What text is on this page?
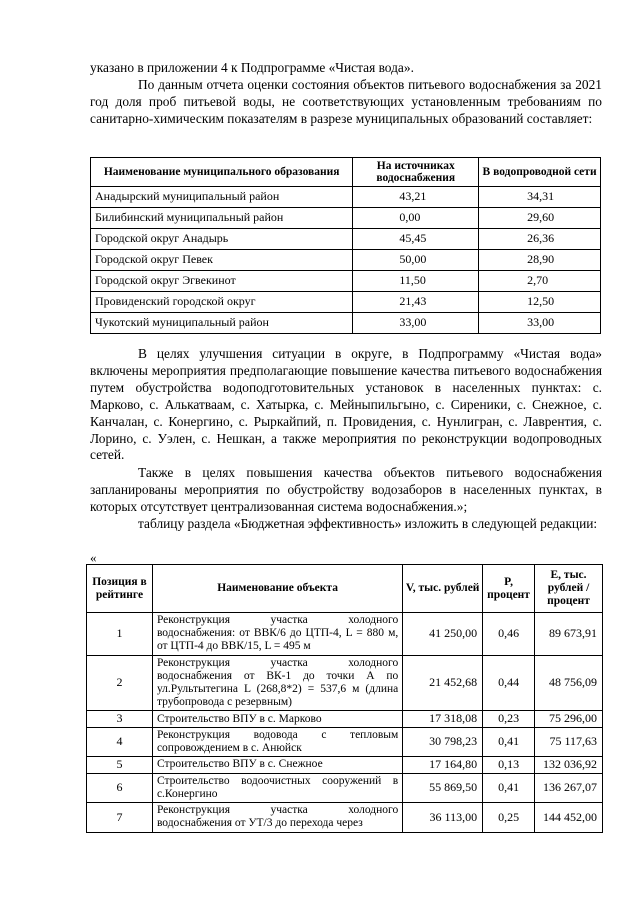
указано в приложении 4 к Подпрограмме «Чистая вода».

По данным отчета оценки состояния объектов питьевого водоснабжения за 2021 год доля проб питьевой воды, не соответствующих установленным требованиям по санитарно-химическим показателям в разрезе муниципальных образований составляет:

Наименование муниципального образования	На источниках водоснабжения	В водопроводной сети
Анадырский муниципальный район	43,21	34,31
Билибинский муниципальный район	0,00	29,60
Городской округ Анадырь	45,45	26,36
Городской округ Певек	50,00	28,90
Городской округ Эгвекинот	11,50	2,70
Провиденский городской округ	21,43	12,50
Чукотский муниципальный район	33,00	33,00

В целях улучшения ситуации в округе, в Подпрограмму «Чистая вода» включены мероприятия предполагающие повышение качества питьевого водоснабжения путем обустройства водоподготовительных установок в населенных пунктах: с. Марково, с. Алькатваам, с. Хатырка, с. Мейныпильгыно, с. Сиреники, с. Снежное, с. Канчалан, с. Конергино, с. Рыркайпий, п. Провидения, с. Нунлигран, с. Лаврентия, с. Лорино, с. Уэлен, с. Нешкан, а также мероприятия по реконструкции водопроводных сетей.

Также в целях повышения качества объектов питьевого водоснабжения запланированы мероприятия по обустройству водозаборов в населенных пунктах, в которых отсутствует централизованная система водоснабжения.»;

таблицу раздела «Бюджетная эффективность» изложить в следующей редакции:

«
Позиция в рейтинге	Наименование объекта	V, тыс. рублей	P, процент	E, тыс. рублей / процент
1	Реконструкция участка холодного водоснабжения: от ВВК/6 до ЦТП-4, L = 880 м, от ЦТП-4 до ВВК/15, L = 495 м	41 250,00	0,46	89 673,91
2	Реконструкция участка холодного водоснабжения от ВК-1 до точки А по ул.Рультытегина L (268,8*2) = 537,6 м (длина трубопровода с резервным)	21 452,68	0,44	48 756,09
3	Строительство ВПУ в с. Марково	17 318,08	0,23	75 296,00
4	Реконструкция водовода с тепловым сопровождением в с. Анюйск	30 798,23	0,41	75 117,63
5	Строительство ВПУ в с. Снежное	17 164,80	0,13	132 036,92
6	Строительство водоочистных сооружений в с.Конергино	55 869,50	0,41	136 267,07
7	Реконструкция участка холодного водоснабжения от УТ/3 до перехода через	36 113,00	0,25	144 452,00
